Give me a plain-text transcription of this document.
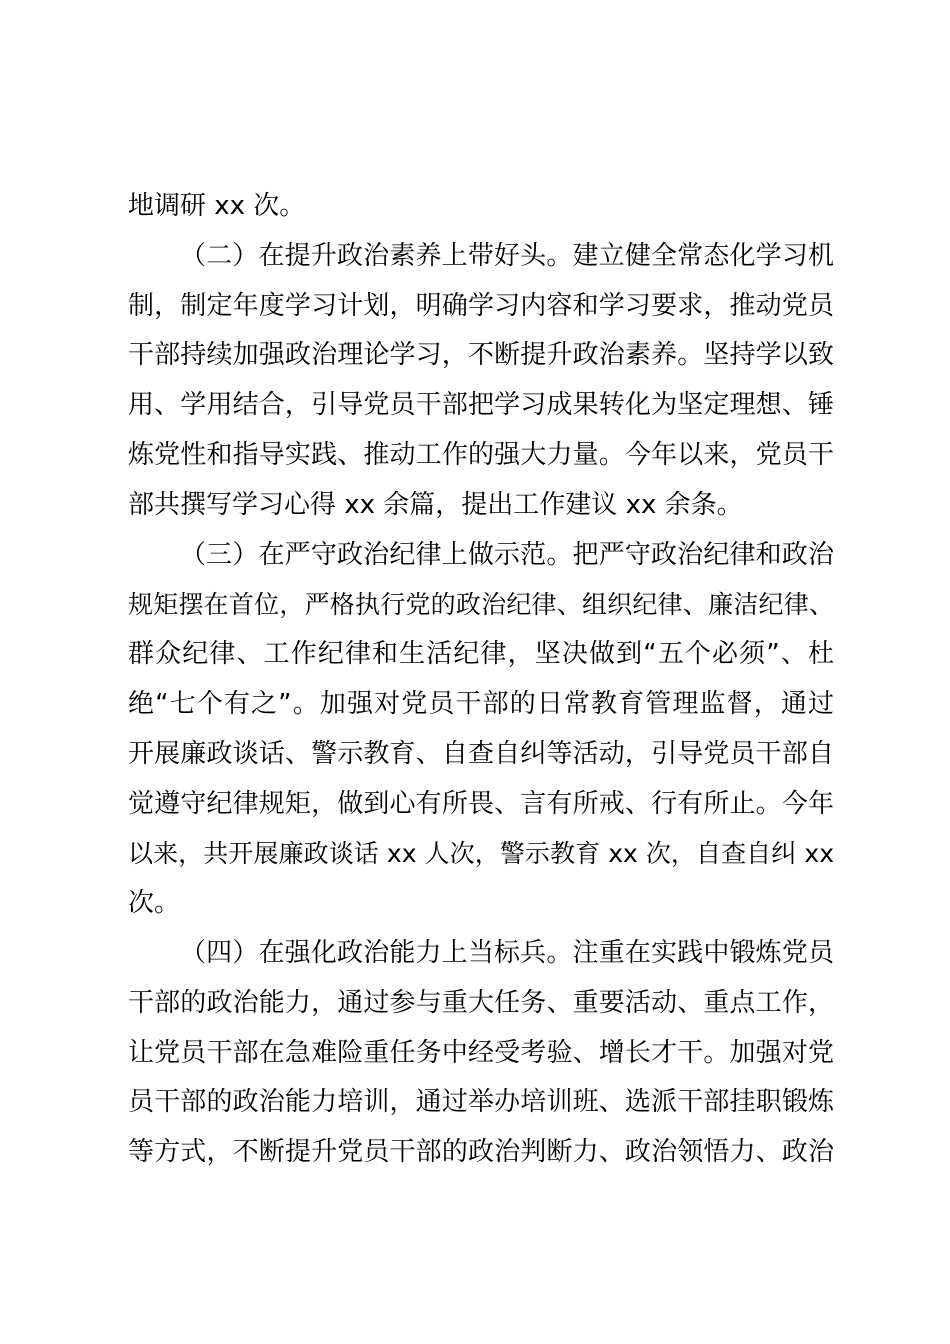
地调研 xx 次。
（二）在提升政治素养上带好头。建立健全常态化学习机
制，制定年度学习计划，明确学习内容和学习要求，推动党员
干部持续加强政治理论学习，不断提升政治素养。坚持学以致
用、学用结合，引导党员干部把学习成果转化为坚定理想、锤
炼党性和指导实践、推动工作的强大力量。今年以来，党员干
部共撰写学习心得 xx 余篇，提出工作建议 xx 余条。
（三）在严守政治纪律上做示范。把严守政治纪律和政治
规矩摆在首位，严格执行党的政治纪律、组织纪律、廉洁纪律、
群众纪律、工作纪律和生活纪律，坚决做到“五个必须”、杜
绝“七个有之”。加强对党员干部的日常教育管理监督，通过
开展廉政谈话、警示教育、自查自纠等活动，引导党员干部自
觉遵守纪律规矩，做到心有所畏、言有所戒、行有所止。今年
以来，共开展廉政谈话 xx 人次，警示教育 xx 次，自查自纠 xx
次。
（四）在强化政治能力上当标兵。注重在实践中锻炼党员
干部的政治能力，通过参与重大任务、重要活动、重点工作，
让党员干部在急难险重任务中经受考验、增长才干。加强对党
员干部的政治能力培训，通过举办培训班、选派干部挂职锻炼
等方式，不断提升党员干部的政治判断力、政治领悟力、政治
